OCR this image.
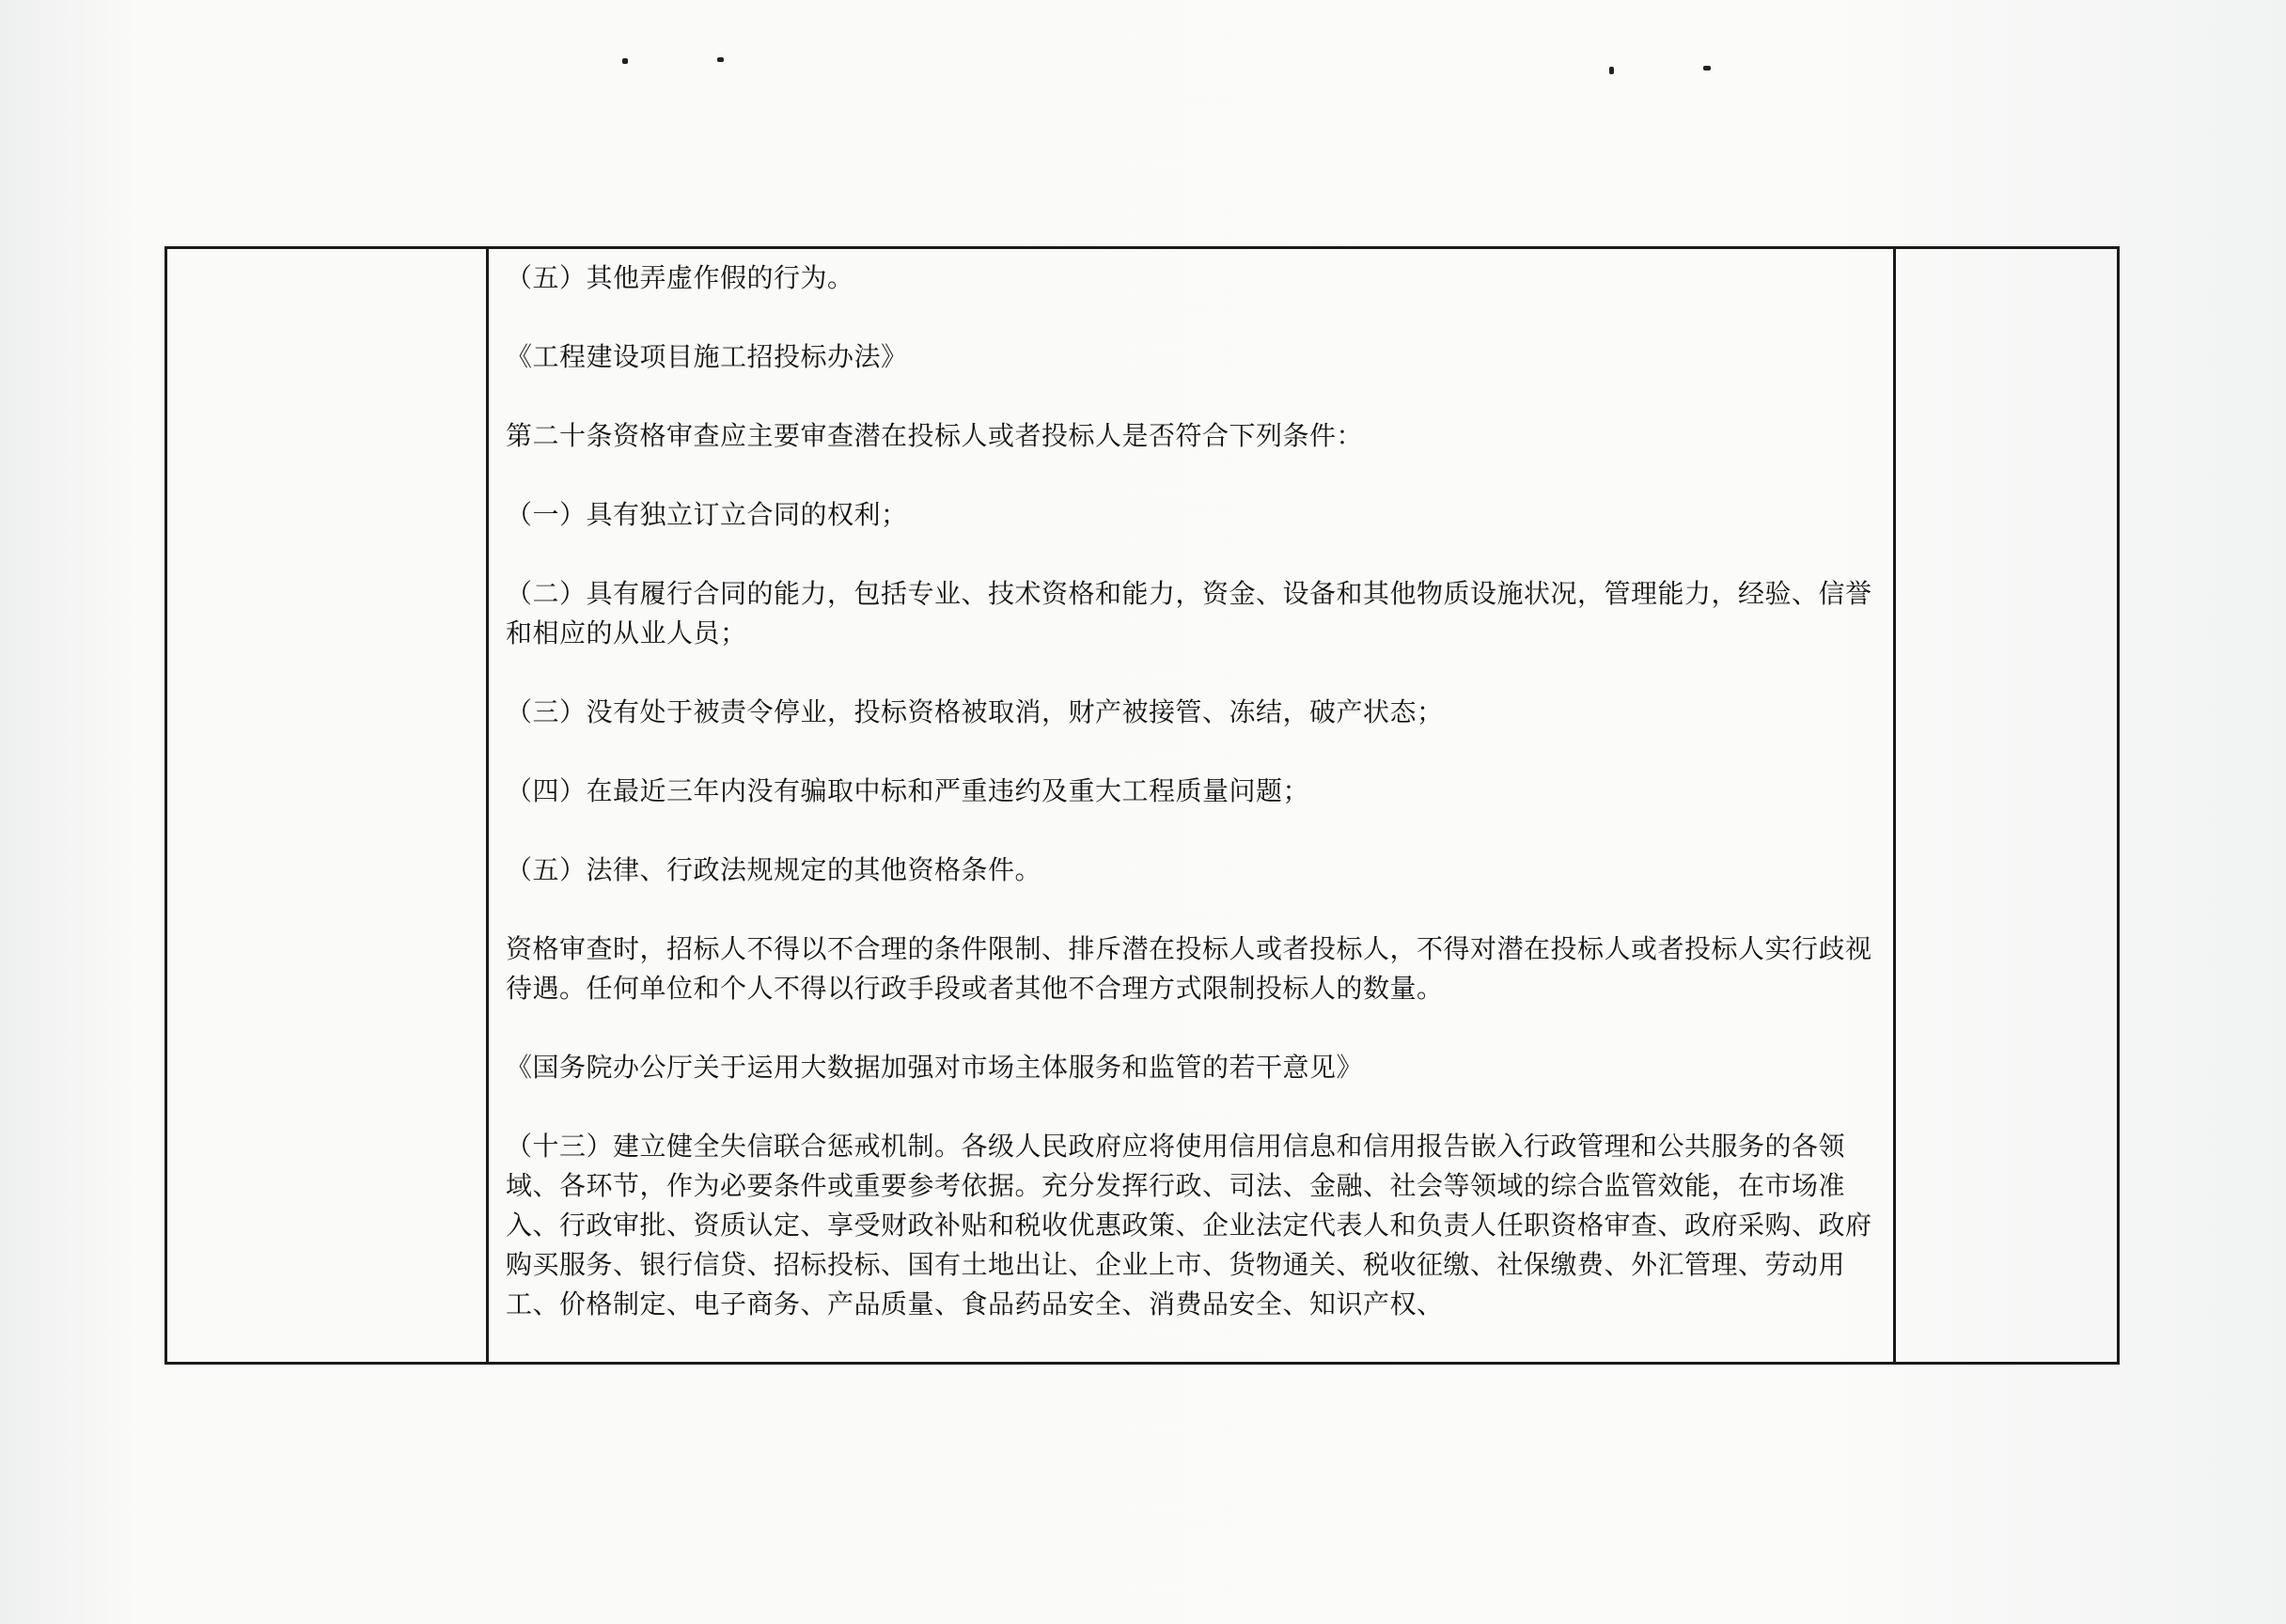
（五）其他弄虚作假的行为。

《工程建设项目施工招投标办法》

第二十条资格审查应主要审查潜在投标人或者投标人是否符合下列条件：

（一）具有独立订立合同的权利；

（二）具有履行合同的能力，包括专业、技术资格和能力，资金、设备和其他物质设施状况，管理能力，经验、信誉和相应的从业人员；

（三）没有处于被责令停业，投标资格被取消，财产被接管、冻结，破产状态；

（四）在最近三年内没有骗取中标和严重违约及重大工程质量问题；

（五）法律、行政法规规定的其他资格条件。

资格审查时，招标人不得以不合理的条件限制、排斥潜在投标人或者投标人，不得对潜在投标人或者投标人实行歧视待遇。任何单位和个人不得以行政手段或者其他不合理方式限制投标人的数量。

《国务院办公厅关于运用大数据加强对市场主体服务和监管的若干意见》

（十三）建立健全失信联合惩戒机制。各级人民政府应将使用信用信息和信用报告嵌入行政管理和公共服务的各领域、各环节，作为必要条件或重要参考依据。充分发挥行政、司法、金融、社会等领域的综合监管效能，在市场准入、行政审批、资质认定、享受财政补贴和税收优惠政策、企业法定代表人和负责人任职资格审查、政府采购、政府购买服务、银行信贷、招标投标、国有土地出让、企业上市、货物通关、税收征缴、社保缴费、外汇管理、劳动用工、价格制定、电子商务、产品质量、食品药品安全、消费品安全、知识产权、
